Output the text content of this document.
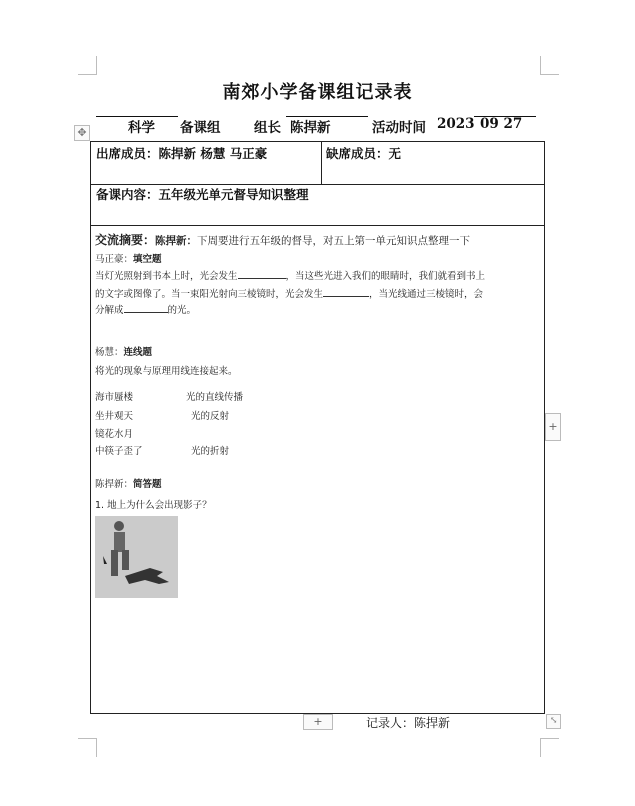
南郊小学备课组记录表
✥	科学 备课组 组长 陈捍新	活动时间 2023 09 27
出席成员：陈捍新 杨慧 马正豪	缺席成员：无
备课内容：五年级光单元督导知识整理
交流摘要：陈捍新：下周要进行五年级的督导，对五上第一单元知识点整理一下
马正豪：填空题
当灯光照射到书本上时，光会发生	，当这些光进入我们的眼睛时，我们就看到书上
的文字或图像了。当一束阳光射向三棱镜时，光会发生	，当光线通过三棱镜时，会
分解成	的光。
杨慧：连线题
将光的现象与原理用线连接起来。
海市蜃楼	光的直线传播
坐井观天	光的反射
镜花水月
中筷子歪了	光的折射
陈捍新：简答题
1. 地上为什么会出现影子？
+
+	⤡
记录人：陈捍新
